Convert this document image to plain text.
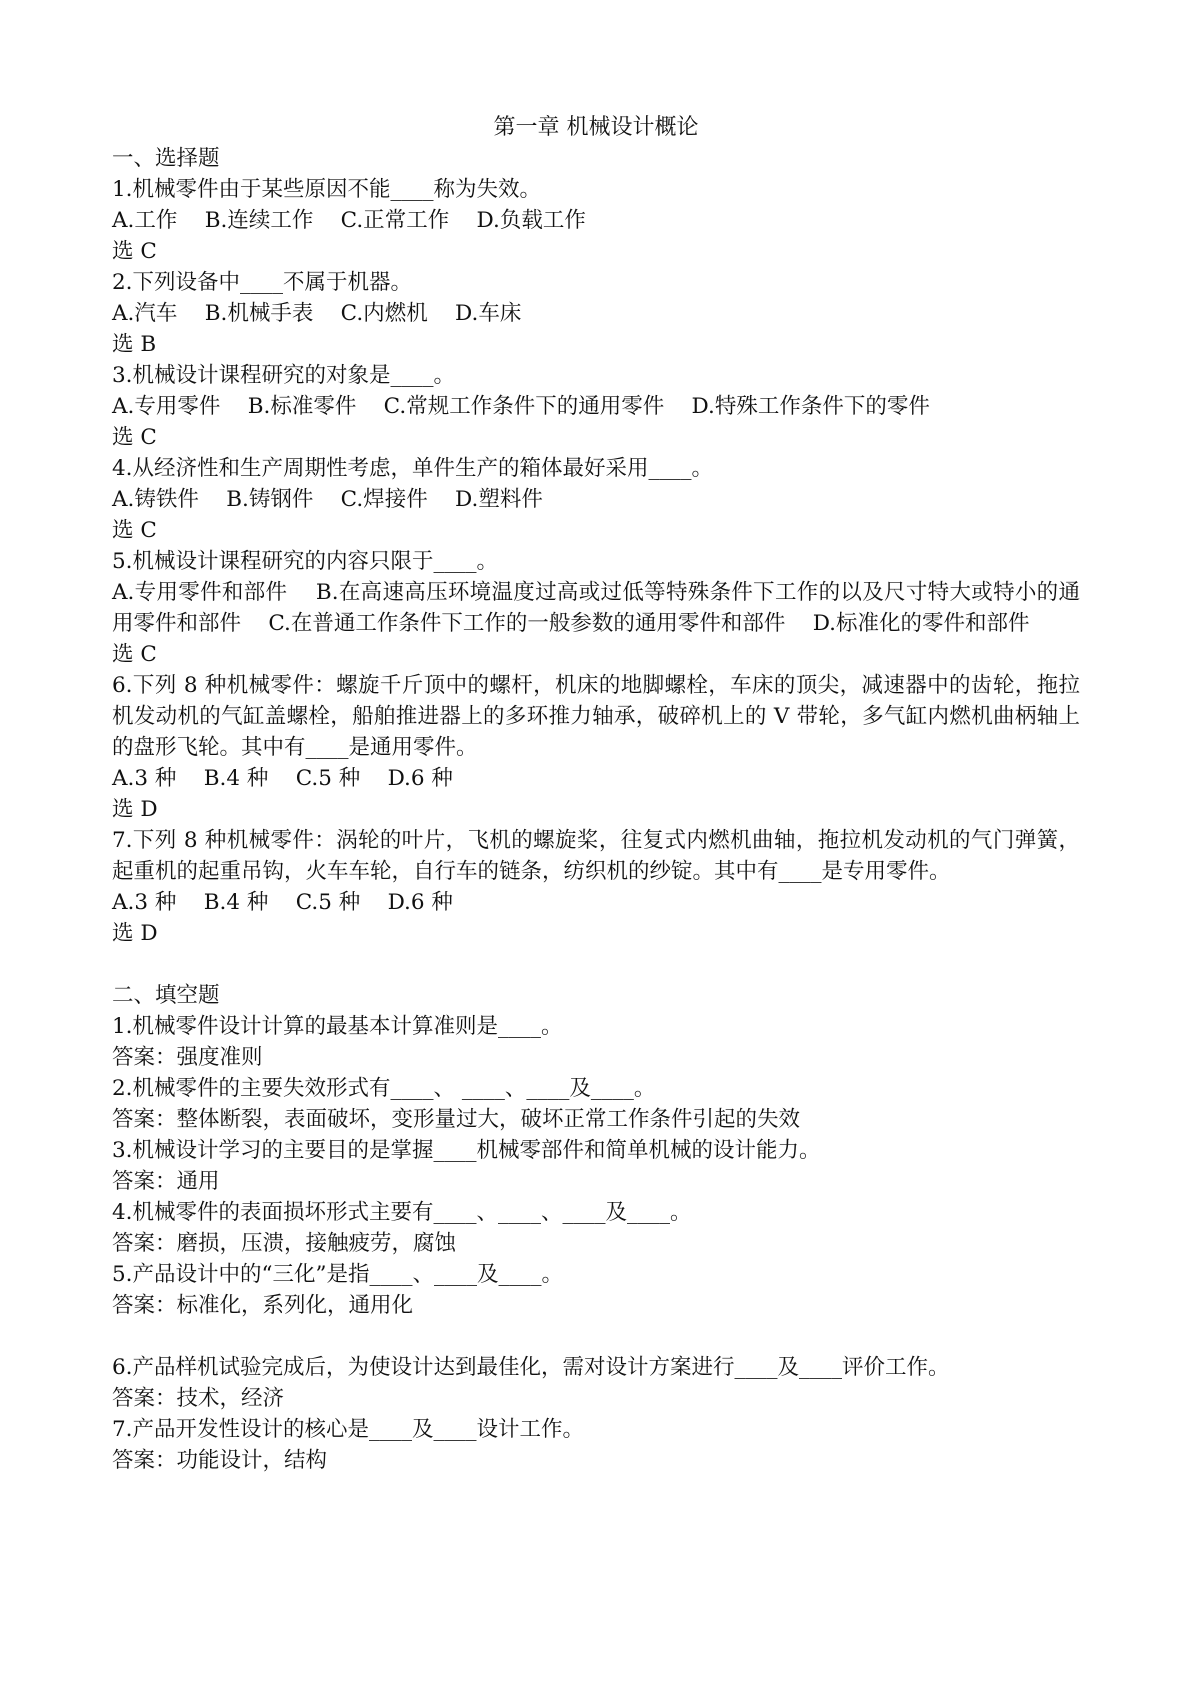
第一章 机械设计概论

一、选择题

1.机械零件由于某些原因不能____称为失效。

A.工作    B.连续工作    C.正常工作    D.负载工作

选 C

2.下列设备中____不属于机器。

A.汽车    B.机械手表    C.内燃机    D.车床

选 B

3.机械设计课程研究的对象是____。

A.专用零件    B.标准零件    C.常规工作条件下的通用零件    D.特殊工作条件下的零件

选 C

4.从经济性和生产周期性考虑，单件生产的箱体最好采用____。

A.铸铁件    B.铸钢件    C.焊接件    D.塑料件

选 C

5.机械设计课程研究的内容只限于____。

A.专用零件和部件    B.在高速高压环境温度过高或过低等特殊条件下工作的以及尺寸特大或特小的通用零件和部件    C.在普通工作条件下工作的一般参数的通用零件和部件    D.标准化的零件和部件

选 C

6.下列 8 种机械零件：螺旋千斤顶中的螺杆，机床的地脚螺栓，车床的顶尖，减速器中的齿轮，拖拉机发动机的气缸盖螺栓，船舶推进器上的多环推力轴承，破碎机上的 V 带轮，多气缸内燃机曲柄轴上的盘形飞轮。其中有____是通用零件。

A.3 种    B.4 种    C.5 种    D.6 种

选 D

7.下列 8 种机械零件：涡轮的叶片，飞机的螺旋桨，往复式内燃机曲轴，拖拉机发动机的气门弹簧，起重机的起重吊钩，火车车轮，自行车的链条，纺织机的纱锭。其中有____是专用零件。

A.3 种    B.4 种    C.5 种    D.6 种

选 D

二、填空题

1.机械零件设计计算的最基本计算准则是____。

答案：强度准则

2.机械零件的主要失效形式有____、 ____、____及____。

答案：整体断裂，表面破坏，变形量过大，破坏正常工作条件引起的失效

3.机械设计学习的主要目的是掌握____机械零部件和简单机械的设计能力。

答案：通用

4.机械零件的表面损坏形式主要有____、____、____及____。

答案：磨损，压溃，接触疲劳，腐蚀

5.产品设计中的“三化”是指____、____及____。

答案：标准化，系列化，通用化

6.产品样机试验完成后，为使设计达到最佳化，需对设计方案进行____及____评价工作。

答案：技术，经济

7.产品开发性设计的核心是____及____设计工作。

答案：功能设计，结构
